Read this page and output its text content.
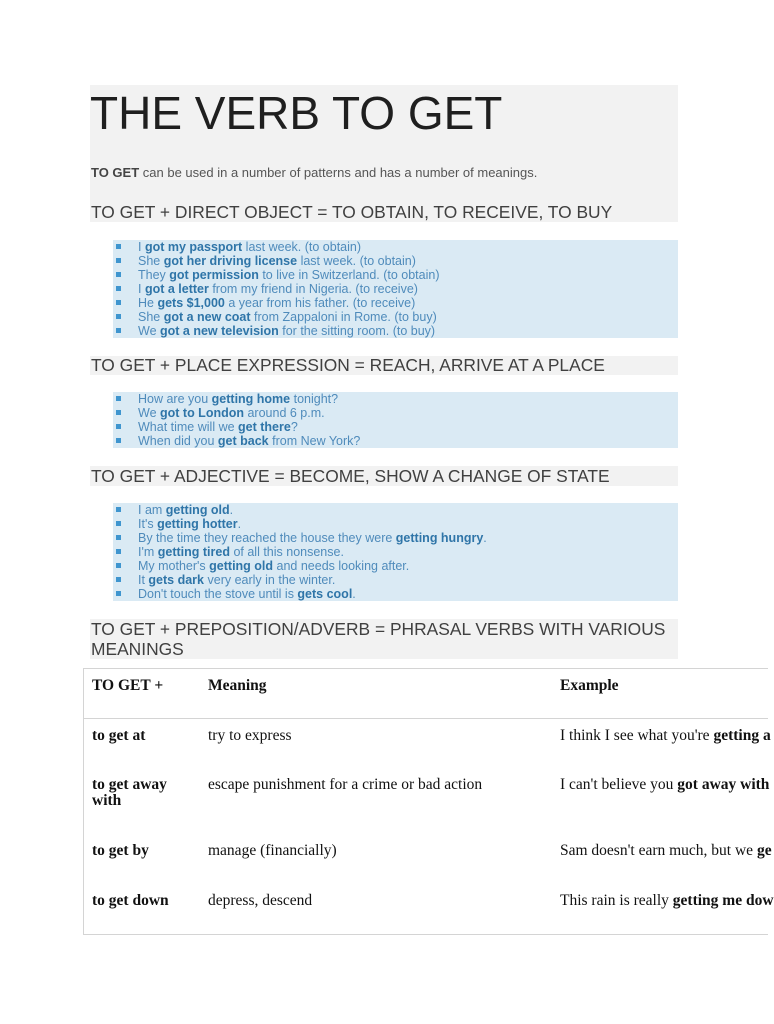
THE VERB TO GET
TO GET can be used in a number of patterns and has a number of meanings.
TO GET + DIRECT OBJECT = TO OBTAIN, TO RECEIVE, TO BUY
I got my passport last week. (to obtain)
She got her driving license last week. (to obtain)
They got permission to live in Switzerland. (to obtain)
I got a letter from my friend in Nigeria. (to receive)
He gets $1,000 a year from his father. (to receive)
She got a new coat from Zappaloni in Rome. (to buy)
We got a new television for the sitting room. (to buy)
TO GET + PLACE EXPRESSION = REACH, ARRIVE AT A PLACE
How are you getting home tonight?
We got to London around 6 p.m.
What time will we get there?
When did you get back from New York?
TO GET + ADJECTIVE = BECOME, SHOW A CHANGE OF STATE
I am getting old.
It's getting hotter.
By the time they reached the house they were getting hungry.
I'm getting tired of all this nonsense.
My mother's getting old and needs looking after.
It gets dark very early in the winter.
Don't touch the stove until is gets cool.
TO GET + PREPOSITION/ADVERB = PHRASAL VERBS WITH VARIOUS MEANINGS
TO GET +	Meaning	Example
to get at	try to express	I think I see what you're getting a
to get away with	escape punishment for a crime or bad action	I can't believe you got away with
to get by	manage (financially)	Sam doesn't earn much, but we ge
to get down	depress, descend	This rain is really getting me dow
